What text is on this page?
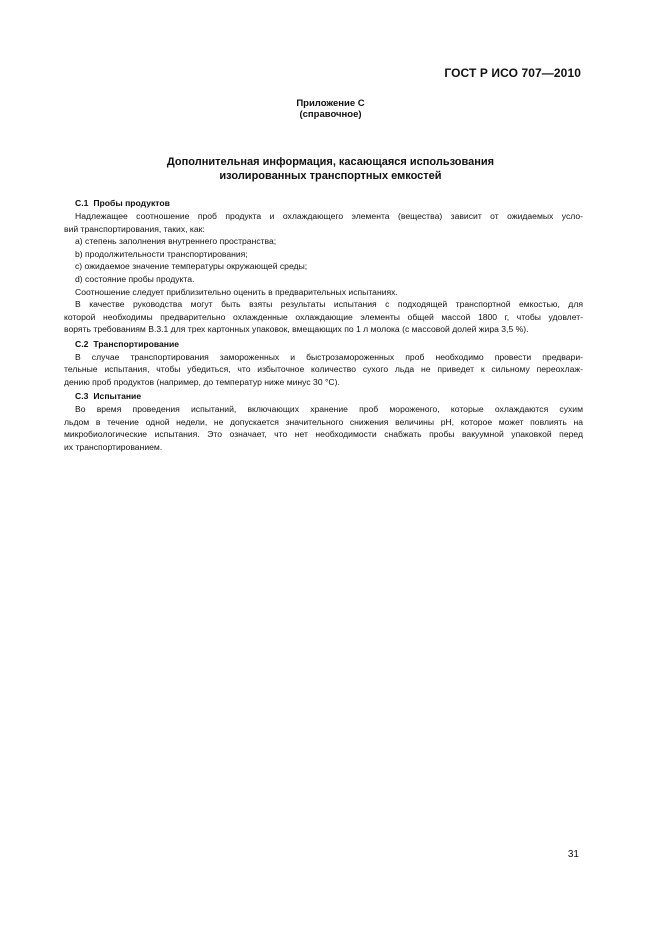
ГОСТ Р ИСО 707—2010
Приложение С
(справочное)
Дополнительная информация, касающаяся использования
изолированных транспортных емкостей
С.1 Пробы продуктов
Надлежащее соотношение проб продукта и охлаждающего элемента (вещества) зависит от ожидаемых усло-
вий транспортирования, таких, как:
а) степень заполнения внутреннего пространства;
b) продолжительности транспортирования;
с) ожидаемое значение температуры окружающей среды;
d) состояние пробы продукта.
Соотношение следует приблизительно оценить в предварительных испытаниях.
В качестве руководства могут быть взяты результаты испытания с подходящей транспортной емкостью, для
которой необходимы предварительно охлажденные охлаждающие элементы общей массой 1800 г, чтобы удовлет-
ворять требованиям В.3.1 для трех картонных упаковок, вмещающих по 1 л молока (с массовой долей жира 3,5 %).
С.2 Транспортирование
В случае транспортирования замороженных и быстрозамороженных проб необходимо провести предвари-
тельные испытания, чтобы убедиться, что избыточное количество сухого льда не приведет к сильному переохлаж-
дению проб продуктов (например, до температур ниже минус 30 °С).
С.3 Испытание
Во время проведения испытаний, включающих хранение проб мороженого, которые охлаждаются сухим
льдом в течение одной недели, не допускается значительного снижения величины pH, которое может повлиять на
микробиологические испытания. Это означает, что нет необходимости снабжать пробы вакуумной упаковкой перед
их транспортированием.
31
